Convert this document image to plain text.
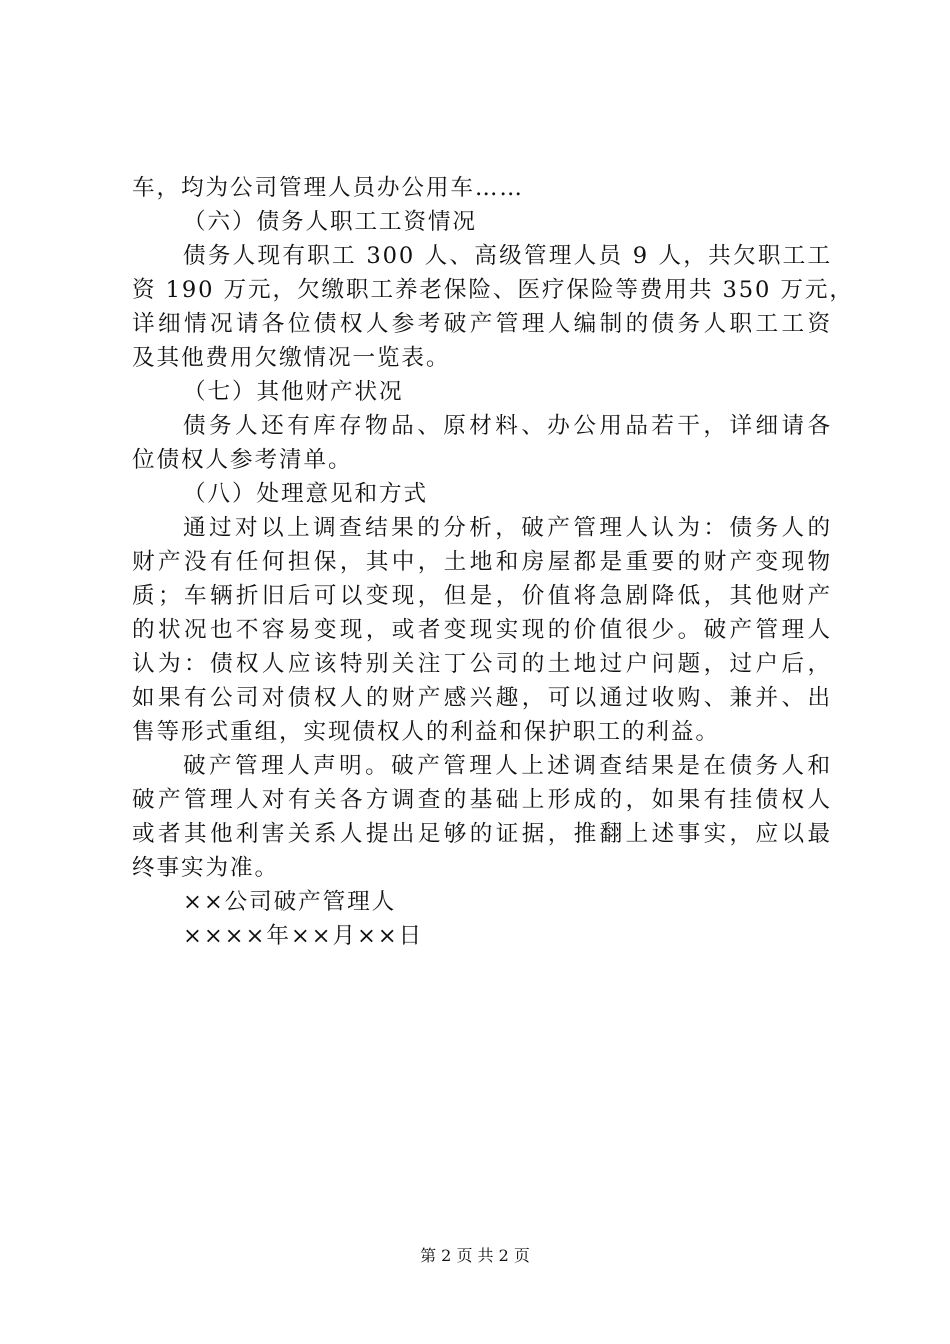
车，均为公司管理人员办公用车……
（六）债务人职工工资情况
债务人现有职工 300 人、高级管理人员 9 人，共欠职工工
资 190 万元，欠缴职工养老保险、医疗保险等费用共 350 万元，
详细情况请各位债权人参考破产管理人编制的债务人职工工资
及其他费用欠缴情况一览表。
（七）其他财产状况
债务人还有库存物品、原材料、办公用品若干，详细请各
位债权人参考清单。
（八）处理意见和方式
通过对以上调查结果的分析，破产管理人认为：债务人的
财产没有任何担保，其中，土地和房屋都是重要的财产变现物
质；车辆折旧后可以变现，但是，价值将急剧降低，其他财产
的状况也不容易变现，或者变现实现的价值很少。破产管理人
认为：债权人应该特别关注丁公司的土地过户问题，过户后，
如果有公司对债权人的财产感兴趣，可以通过收购、兼并、出
售等形式重组，实现债权人的利益和保护职工的利益。
破产管理人声明。破产管理人上述调查结果是在债务人和
破产管理人对有关各方调查的基础上形成的，如果有挂债权人
或者其他利害关系人提出足够的证据，推翻上述事实，应以最
终事实为准。
××公司破产管理人
××××年××月××日
第 2 页 共 2 页
